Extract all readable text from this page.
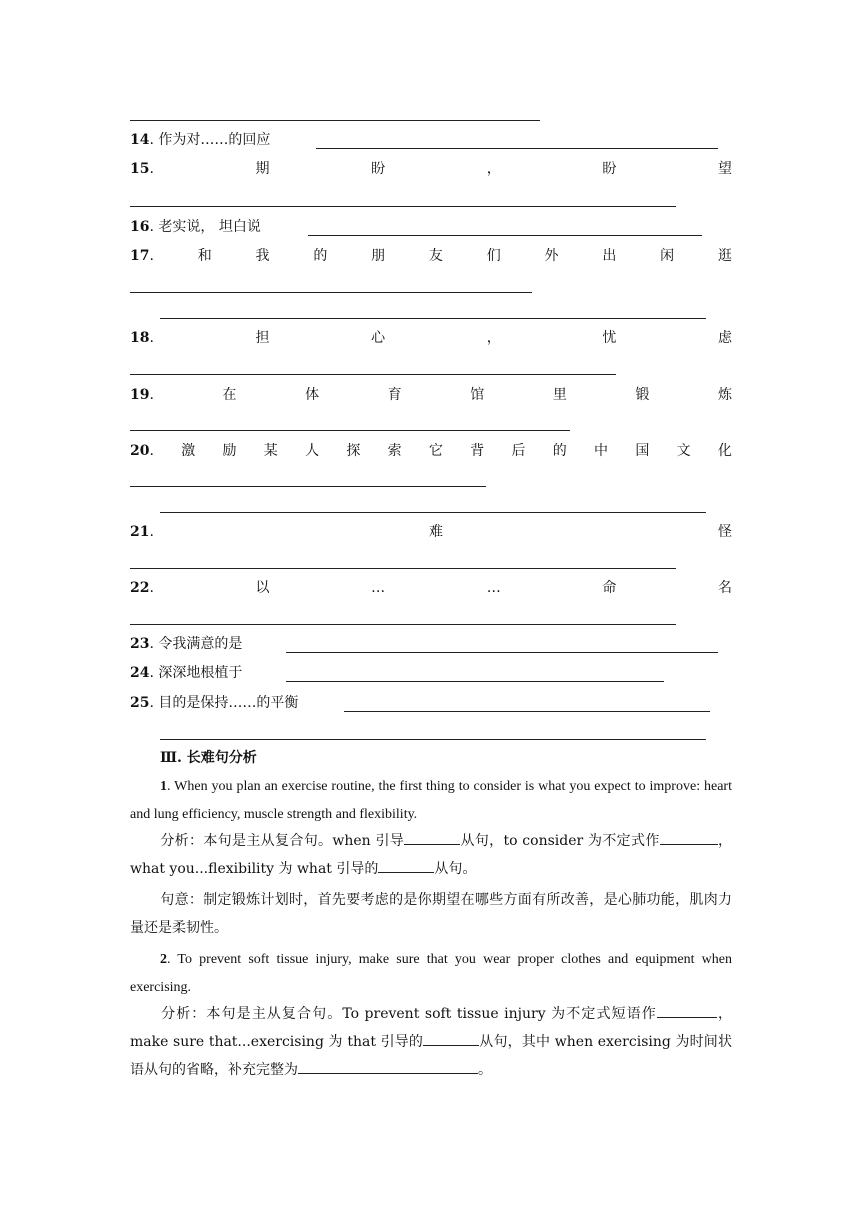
14. 作为对……的回应
15.	期	盼	，	盼	望
16. 老实说， 坦白说
17.	和	我	的	朋	友	们	外	出	闲	逛
18.	担	心	，	忧	虑
19.	在	体	育	馆	里	锻	炼
20. 激 励 某 人 探 索 它 背 后 的 中 国 文 化
21.	难	怪
22.	以	…	…	命	名
23. 令我满意的是
24. 深深地根植于
25. 目的是保持……的平衡
Ⅲ. 长难句分析
1. When you plan an exercise routine, the first thing to consider is what you expect to improve: heart and lung efficiency, muscle strength and flexibility.
分析：本句是主从复合句。when 引导	从句，to consider 为不定式作	，what you...flexibility 为 what 引导的	从句。
句意：制定锻炼计划时，首先要考虑的是你期望在哪些方面有所改善，是心肺功能，肌肉力量还是柔韧性。
2. To prevent soft tissue injury, make sure that you wear proper clothes and equipment when exercising.
分析：本句是主从复合句。To prevent soft tissue injury 为不定式短语作	，make sure that...exercising 为 that 引导的	从句，其中 when exercising 为时间状语从句的省略，补充完整为	。
